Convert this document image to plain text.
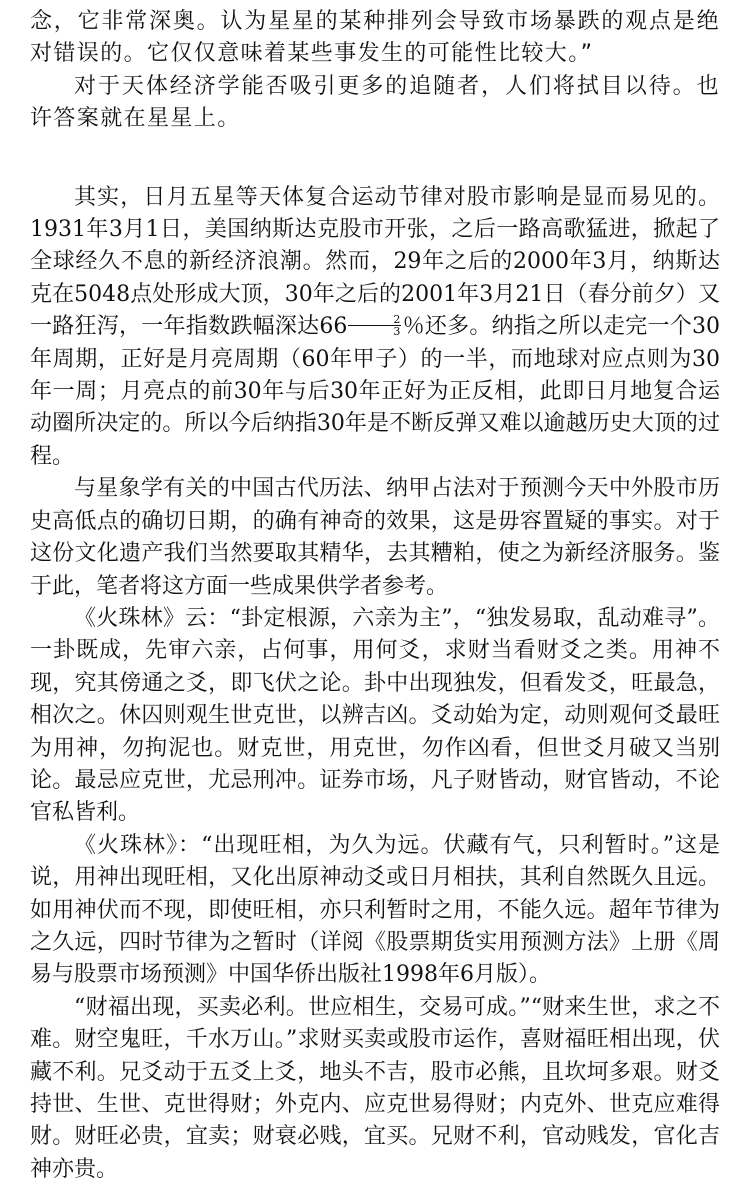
念，它非常深奥。认为星星的某种排列会导致市场暴跌的观点是绝对错误的。它仅仅意味着某些事发生的可能性比较大。”

对于天体经济学能否吸引更多的追随者，人们将拭目以待。也许答案就在星星上。

其实，日月五星等天体复合运动节律对股市影响是显而易见的。1931年3月1日，美国纳斯达克股市开张，之后一路高歌猛进，掀起了全球经久不息的新经济浪潮。然而，29年之后的2000年3月，纳斯达克在5048点处形成大顶，30年之后的2001年3月21日（春分前夕）又一路狂泻，一年指数跌幅深达$66 \frac{2}{3}$ ％还多。纳指之所以走完一个30年周期，正好是月亮周期（60年甲子）的一半，而地球对应点则为30年一周；月亮点的前30年与后30年正好为正反相，此即日月地复合运动圈所决定的。所以今后纳指30年是不断反弹又难以逾越历史大顶的过程。

与星象学有关的中国古代历法、纳甲占法对于预测今天中外股市历史高低点的确切日期，的确有神奇的效果，这是毋容置疑的事实。对于这份文化遗产我们当然要取其精华，去其糟粕，使之为新经济服务。鉴于此，笔者将这方面一些成果供学者参考。

《火珠林》云：“卦定根源，六亲为主”，“独发易取，乱动难寻”。一卦既成，先审六亲，占何事，用何爻，求财当看财爻之类。用神不现，究其傍通之爻，即飞伏之论。卦中出现独发，但看发爻，旺最急，相次之。休囚则观生世克世，以辨吉凶。爻动始为定，动则观何爻最旺为用神，勿拘泥也。财克世，用克世，勿作凶看，但世爻月破又当别论。最忌应克世，尤忌刑冲。证券市场，凡子财皆动，财官皆动，不论官私皆利。

《火珠林》：“出现旺相，为久为远。伏藏有气，只利暂时。”这是说，用神出现旺相，又化出原神动爻或日月相扶，其利自然既久且远。如用神伏而不现，即使旺相，亦只利暂时之用，不能久远。超年节律为之久远，四时节律为之暂时（详阅《股票期货实用预测方法》上册《周易与股票市场预测》中国华侨出版社1998年6月版）。

“财福出现，买卖必利。世应相生，交易可成。”“财来生世，求之不难。财空鬼旺，千水万山。”求财买卖或股市运作，喜财福旺相出现，伏藏不利。兄爻动于五爻上爻，地头不吉，股市必熊，且坎坷多艰。财爻持世、生世、克世得财；外克内、应克世易得财；内克外、世克应难得财。财旺必贵，宜卖；财衰必贱，宜买。兄财不利，官动贱发，官化吉神亦贵。
